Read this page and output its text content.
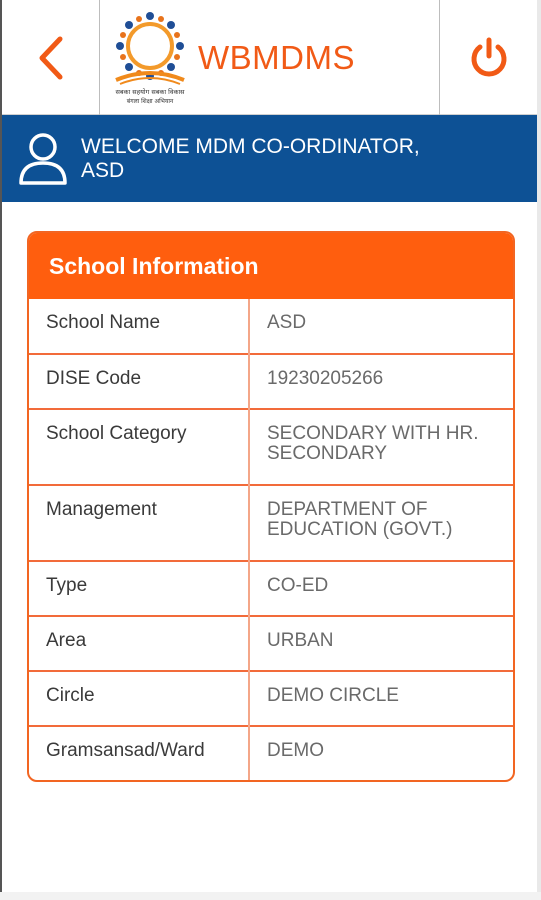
सबका सहयोग सबका विकास
बंगला शिक्षा अभियान
WBMDMS
WELCOME MDM CO-ORDINATOR,
ASD
School Information
School Name	ASD
DISE Code	19230205266
School Category	SECONDARY WITH HR. SECONDARY
Management	DEPARTMENT OF EDUCATION (GOVT.)
Type	CO-ED
Area	URBAN
Circle	DEMO CIRCLE
Gramsansad/Ward	DEMO
